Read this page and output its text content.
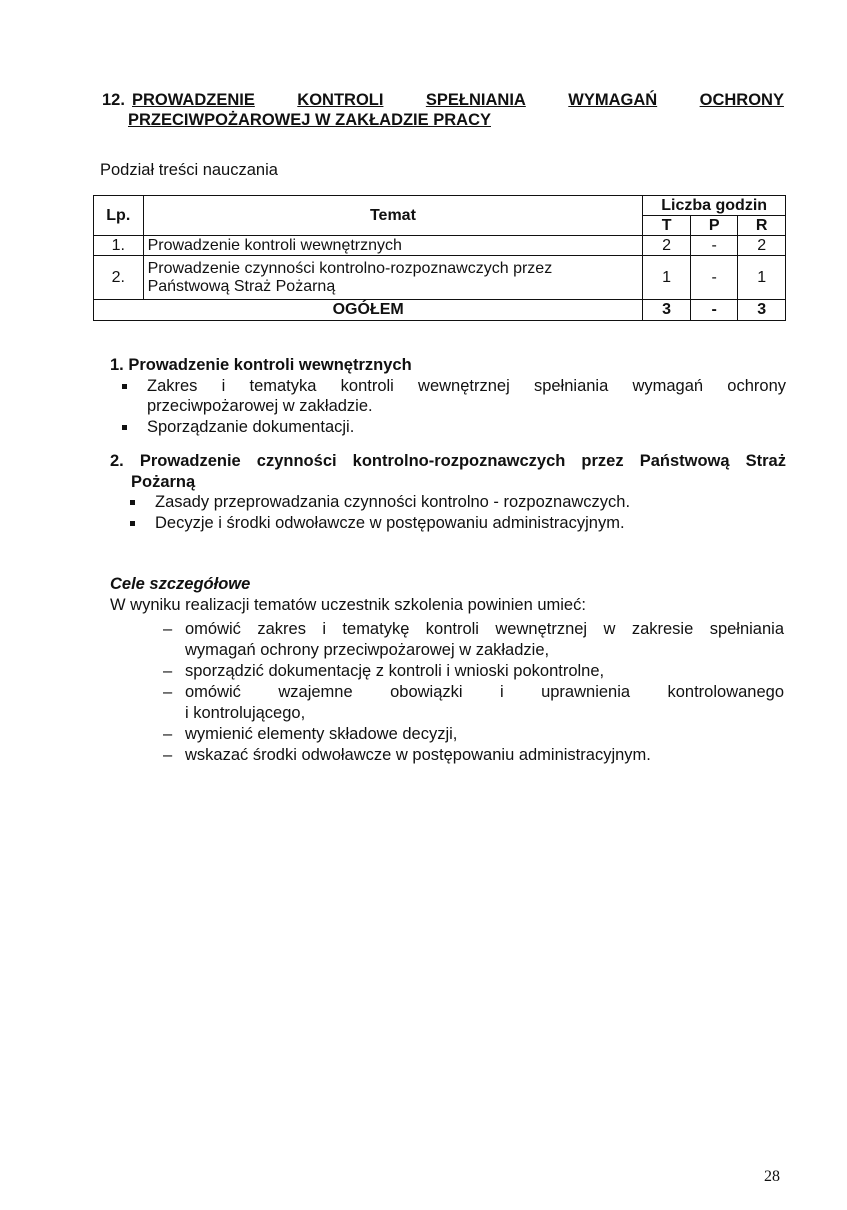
12. PROWADZENIE	KONTROLI	SPEŁNIANIA	WYMAGAŃ	OCHRONY
PRZECIWPOŻAROWEJ W ZAKŁADZIE PRACY
Podział treści nauczania
Lp.	Temat	Liczba godzin		
		T	P	R
1.	Prowadzenie kontroli wewnętrznych	2	-	2
2.	Prowadzenie czynności kontrolno-rozpoznawczych przez
Państwową Straż Pożarną	1	-	1
OGÓŁEM		3	-	3
1. Prowadzenie kontroli wewnętrznych
Zakres i tematyka kontroli wewnętrznej spełniania wymagań ochrony
przeciwpożarowej w zakładzie.
Sporządzanie dokumentacji.
2. Prowadzenie czynności kontrolno-rozpoznawczych przez Państwową Straż
Pożarną
Zasady przeprowadzania czynności kontrolno - rozpoznawczych.
Decyzje i środki odwoławcze w postępowaniu administracyjnym.
Cele szczegółowe
W wyniku realizacji tematów uczestnik szkolenia powinien umieć:
– omówić zakres i tematykę kontroli wewnętrznej w zakresie spełniania
wymagań ochrony przeciwpożarowej w zakładzie,
– sporządzić dokumentację z kontroli i wnioski pokontrolne,
– omówić wzajemne obowiązki i uprawnienia kontrolowanego
i kontrolującego,
– wymienić elementy składowe decyzji,
– wskazać środki odwoławcze w postępowaniu administracyjnym.
28
